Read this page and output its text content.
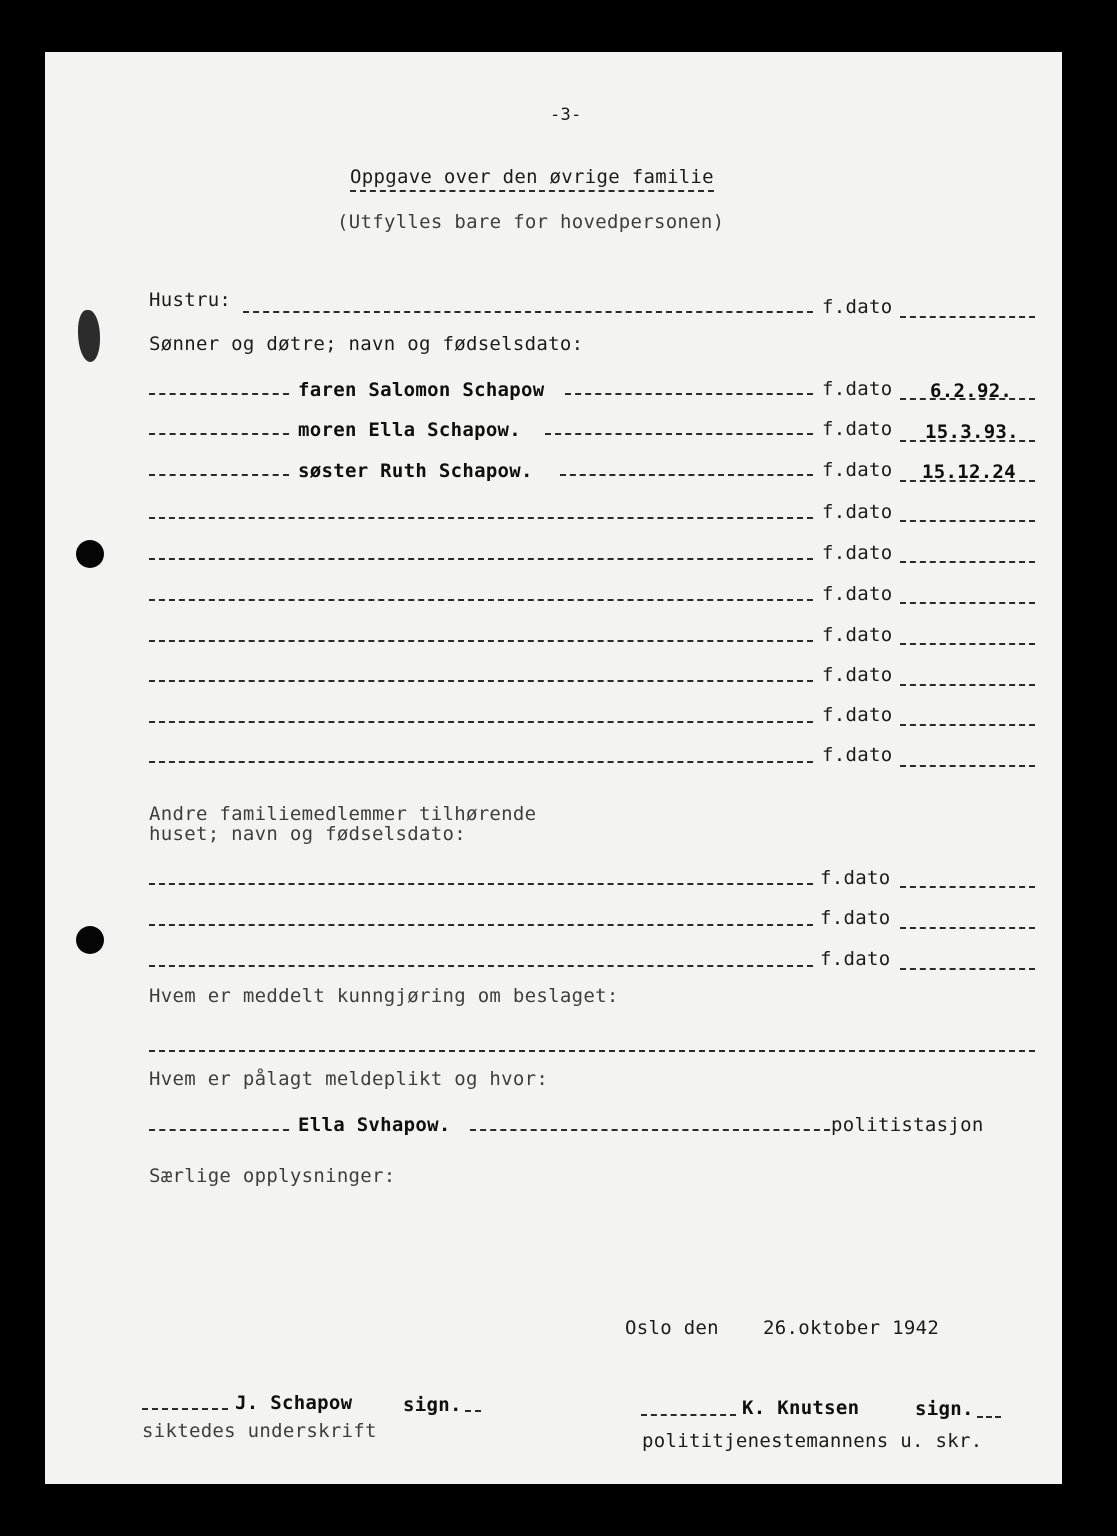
-3-
Oppgave over den øvrige familie
(Utfylles bare for hovedpersonen)
Hustru:	f.dato
Sønner og døtre; navn og fødselsdato:
faren Salomon Schapow	f.dato 6.2.92.
moren Ella Schapow.	f.dato 15.3.93.
søster Ruth Schapow.	f.dato 15.12.24
f.dato
f.dato
f.dato
f.dato
f.dato
f.dato
f.dato
Andre familiemedlemmer tilhørende
huset; navn og fødselsdato:
f.dato
f.dato
f.dato
Hvem er meddelt kunngjøring om beslaget:
Hvem er pålagt meldeplikt og hvor:
Ella Svhapow.	politistasjon
Særlige opplysninger:
Oslo den 26.oktober 1942
J. Schapow	sign.
siktedes underskrift
K. Knutsen	sign.
polititjenestemannens u. skr.
